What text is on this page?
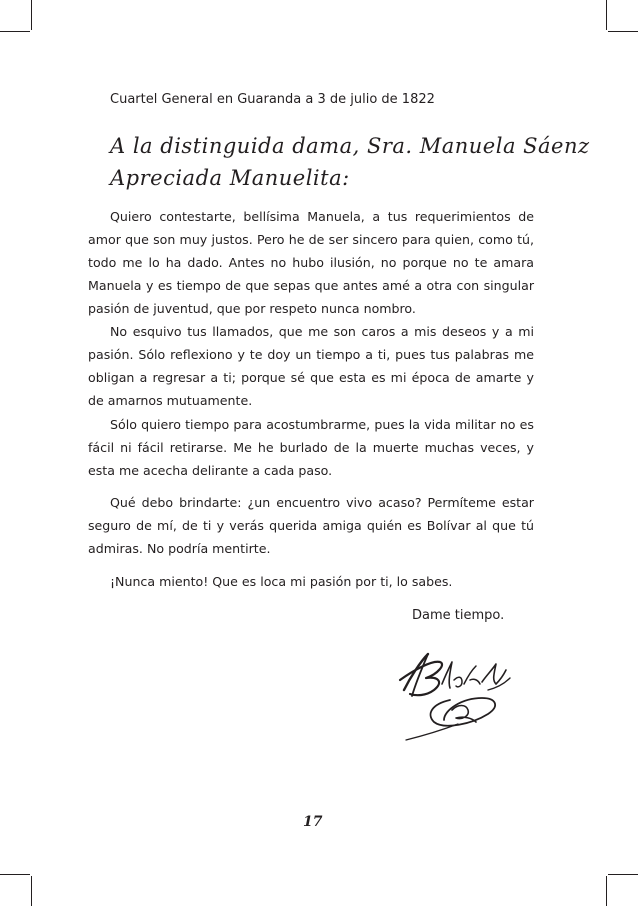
Cuartel General en Guaranda a 3 de julio de 1822
A la distinguida dama, Sra. Manuela Sáenz
Apreciada Manuelita:

Quiero contestarte, bellísima Manuela, a tus requerimientos de amor que son muy justos. Pero he de ser sincero para quien, como tú, todo me lo ha dado. Antes no hubo ilusión, no porque no te amara Manuela y es tiempo de que sepas que antes amé a otra con singular pasión de juventud, que por respeto nunca nombro.

No esquivo tus llamados, que me son caros a mis deseos y a mi pasión. Sólo reflexiono y te doy un tiempo a ti, pues tus palabras me obligan a regresar a ti; porque sé que esta es mi época de amarte y de amarnos mutuamente.

Sólo quiero tiempo para acostumbrarme, pues la vida militar no es fácil ni fácil retirarse. Me he burlado de la muerte muchas veces, y esta me acecha delirante a cada paso.

Qué debo brindarte: ¿un encuentro vivo acaso? Permíteme estar seguro de mí, de ti y verás querida amiga quién es Bolívar al que tú admiras. No podría mentirte.

¡Nunca miento! Que es loca mi pasión por ti, lo sabes.

Dame tiempo.
17
